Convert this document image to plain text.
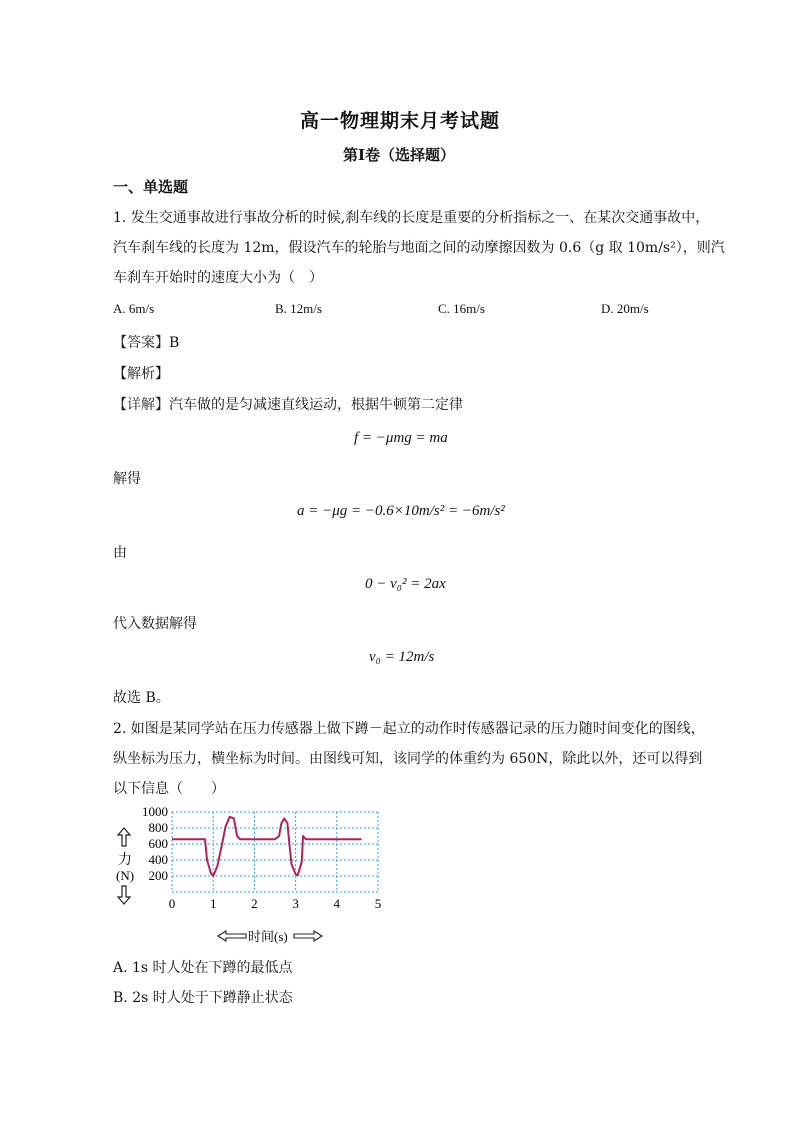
高一物理期末月考试题
第Ⅰ卷（选择题）
一、单选题
1. 发生交通事故进行事故分析的时候,刹车线的长度是重要的分析指标之一、在某次交通事故中，
汽车刹车线的长度为 12m，假设汽车的轮胎与地面之间的动摩擦因数为 0.6（g 取 10m/s²），则汽
车刹车开始时的速度大小为（　）
A. 6m/s	B. 12m/s	C. 16m/s	D. 20m/s
【答案】B
【解析】
【详解】汽车做的是匀减速直线运动，根据牛顿第二定律
f = −μmg = ma
解得
a = −μg = −0.6×10m/s² = −6m/s²
由
0 − v₀² = 2ax
代入数据解得
v₀ = 12m/s
故选 B。
2. 如图是某同学站在压力传感器上做下蹲－起立的动作时传感器记录的压力随时间变化的图线，
纵坐标为压力，横坐标为时间。由图线可知，该同学的体重约为 650N，除此以外，还可以得到
以下信息（　　）
0	1	2	3	4	5
200
400
600
800
1000
力
(N)
时间(s)
A. 1s 时人处在下蹲的最低点
B. 2s 时人处于下蹲静止状态
